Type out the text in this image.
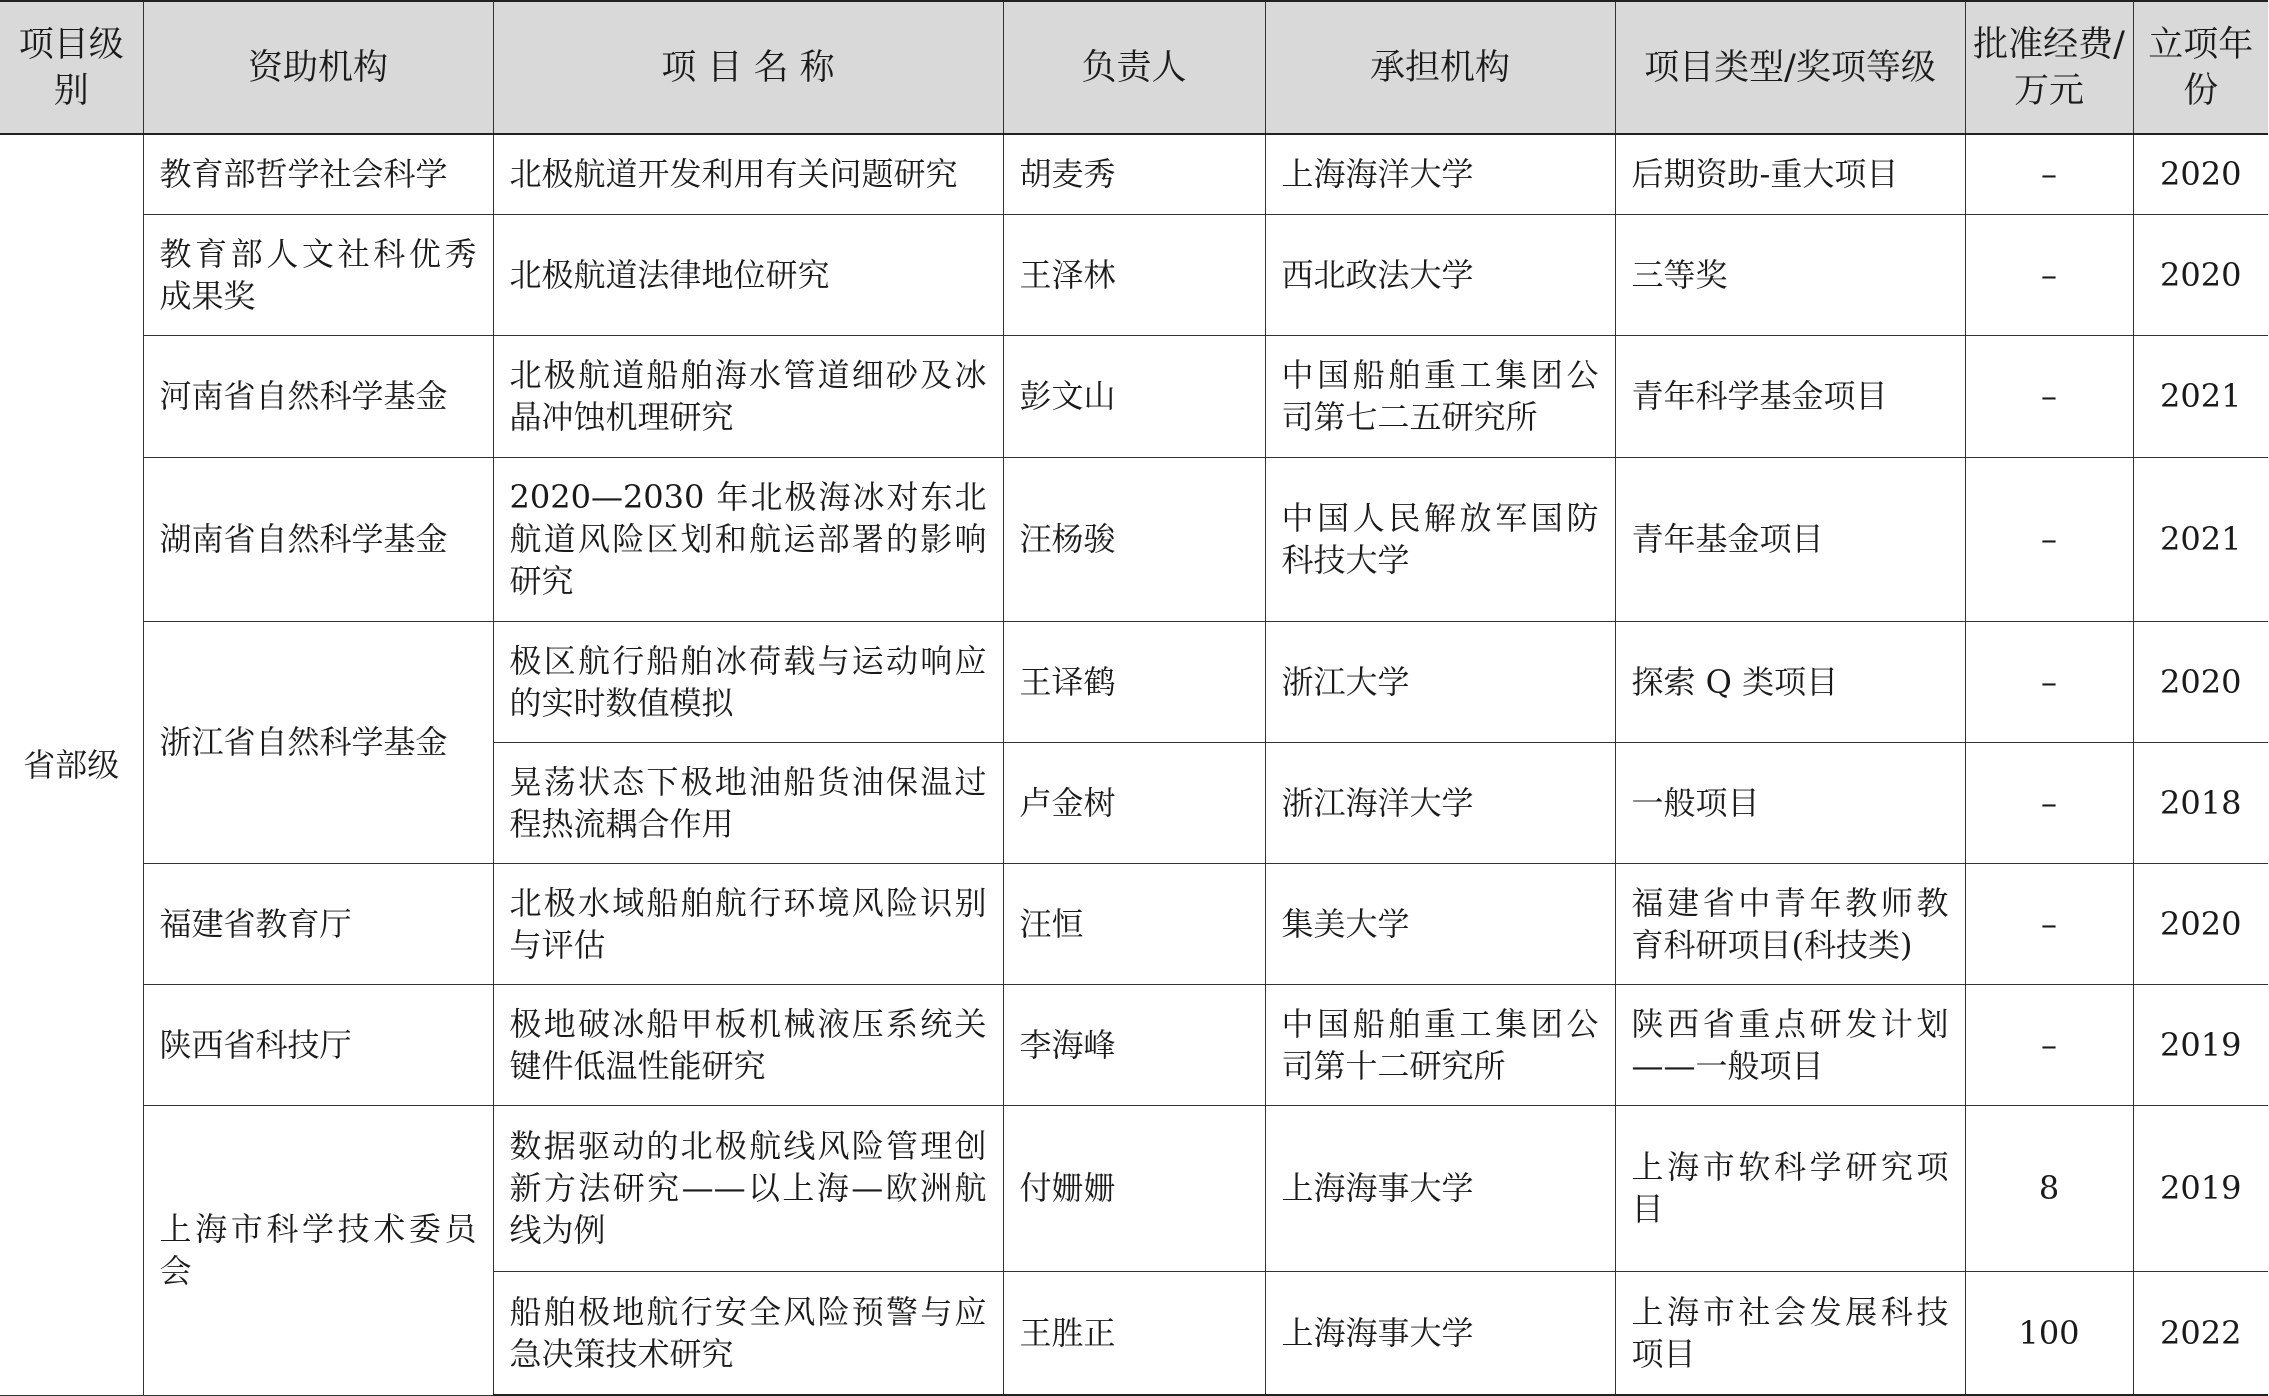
项目级别	资助机构	项 目 名 称	负责人	承担机构	项目类型/奖项等级	批准经费/万元	立项年份
省部级	教育部哲学社会科学	北极航道开发利用有关问题研究	胡麦秀	上海海洋大学	后期资助-重大项目	–	2020
	教育部人文社科优秀成果奖	北极航道法律地位研究	王泽林	西北政法大学	三等奖	–	2020
	河南省自然科学基金	北极航道船舶海水管道细砂及冰晶冲蚀机理研究	彭文山	中国船舶重工集团公司第七二五研究所	青年科学基金项目	–	2021
	湖南省自然科学基金	2020—2030 年北极海冰对东北航道风险区划和航运部署的影响研究	汪杨骏	中国人民解放军国防科技大学	青年基金项目	–	2021
	浙江省自然科学基金	极区航行船舶冰荷载与运动响应的实时数值模拟	王译鹤	浙江大学	探索 Q 类项目	–	2020
		晃荡状态下极地油船货油保温过程热流耦合作用	卢金树	浙江海洋大学	一般项目	–	2018
	福建省教育厅	北极水域船舶航行环境风险识别与评估	汪恒	集美大学	福建省中青年教师教育科研项目(科技类)	–	2020
	陕西省科技厅	极地破冰船甲板机械液压系统关键件低温性能研究	李海峰	中国船舶重工集团公司第十二研究所	陕西省重点研发计划——一般项目	–	2019
	上海市科学技术委员会	数据驱动的北极航线风险管理创新方法研究——以上海—欧洲航线为例	付姗姗	上海海事大学	上海市软科学研究项目	8	2019
		船舶极地航行安全风险预警与应急决策技术研究	王胜正	上海海事大学	上海市社会发展科技项目	100	2022
